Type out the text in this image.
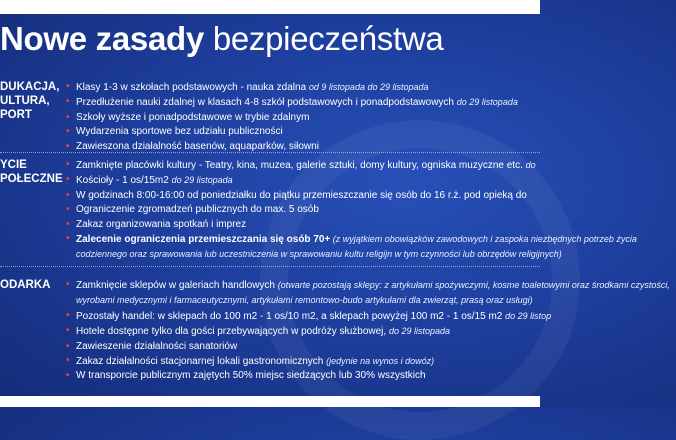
Nowe zasady bezpieczeństwa
DUKACJA,
ULTURA,
PORT
• Klasy 1-3 w szkołach podstawowych - nauka zdalna od 9 listopada do 29 listopada
• Przedłużenie nauki zdalnej w klasach 4-8 szkół podstawowych i ponadpodstawowych do 29 listopada
• Szkoły wyższe i ponadpodstawowe w trybie zdalnym
• Wydarzenia sportowe bez udziału publiczności
• Zawieszona działalność basenów, aquaparków, siłowni
YCIE
POŁECZNE
• Zamknięte placówki kultury - Teatry, kina, muzea, galerie sztuki, domy kultury, ogniska muzyczne etc. do
• Kościoły - 1 os/15m2 do 29 listopada
• W godzinach 8:00-16:00 od poniedziałku do piątku przemieszczanie się osób do 16 r.ż. pod opieką do
• Ograniczenie zgromadzeń publicznych do max. 5 osób
• Zakaz organizowania spotkań i imprez
• Zalecenie ograniczenia przemieszczania się osób 70+ (z wyjątkiem obowiązków zawodowych i zaspoka niezbędnych potrzeb życia codziennego oraz sprawowania lub uczestniczenia w sprawowaniu kultu religijn w tym czynności lub obrzędów religijnych)
ODARKA	• Zamknięcie sklepów w galeriach handlowych (otwarte pozostają sklepy: z artykułami spożywczymi, kosme toaletowymi oraz środkami czystości, wyrobami medycznymi i farmaceutycznymi, artykułami remontowo-budo artykułami dla zwierząt, prasą oraz usługi)
• Pozostały handel: w sklepach do 100 m2 - 1 os/10 m2, a sklepach powyżej 100 m2 - 1 os/15 m2 do 29 listop
• Hotele dostępne tylko dla gości przebywających w podróży służbowej, do 29 listopada
• Zawieszenie działalności sanatoriów
• Zakaz działalności stacjonarnej lokali gastronomicznych (jedynie na wynos i dowóz)
• W transporcie publicznym zajętych 50% miejsc siedzących lub 30% wszystkich
